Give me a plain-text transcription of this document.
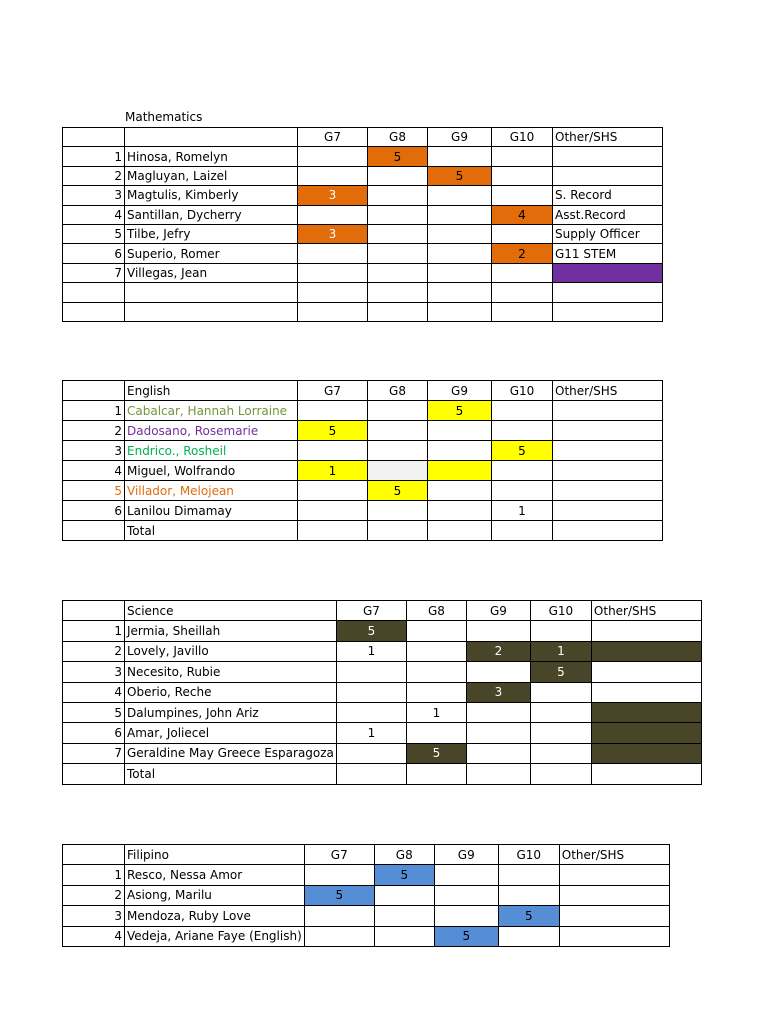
Mathematics
		G7	G8	G9	G10	Other/SHS
1	Hinosa, Romelyn		5			
2	Magluyan, Laizel			5		
3	Magtulis, Kimberly	3				S. Record
4	Santillan, Dycherry				4	Asst.Record
5	Tilbe, Jefry	3				Supply Officer
6	Superio, Romer				2	G11 STEM
7	Villegas, Jean					

	English	G7	G8	G9	G10	Other/SHS
1	Cabalcar, Hannah Lorraine			5		
2	Dadosano, Rosemarie	5				
3	Endrico., Rosheil				5	
4	Miguel, Wolfrando	1				
5	Villador, Melojean		5			
6	Lanilou Dimamay				1	
	Total					
	Science	G7	G8	G9	G10	Other/SHS
1	Jermia, Sheillah	5				
2	Lovely, Javillo	1		2	1	
3	Necesito, Rubie				5	
4	Oberio, Reche			3		
5	Dalumpines, John Ariz		1			
6	Amar, Joliecel	1				
7	Geraldine May Greece Esparagoza		5			
	Total					
	Filipino	G7	G8	G9	G10	Other/SHS
1	Resco, Nessa Amor		5			
2	Asiong, Marilu	5				
3	Mendoza, Ruby Love				5	
4	Vedeja, Ariane Faye (English)			5		
